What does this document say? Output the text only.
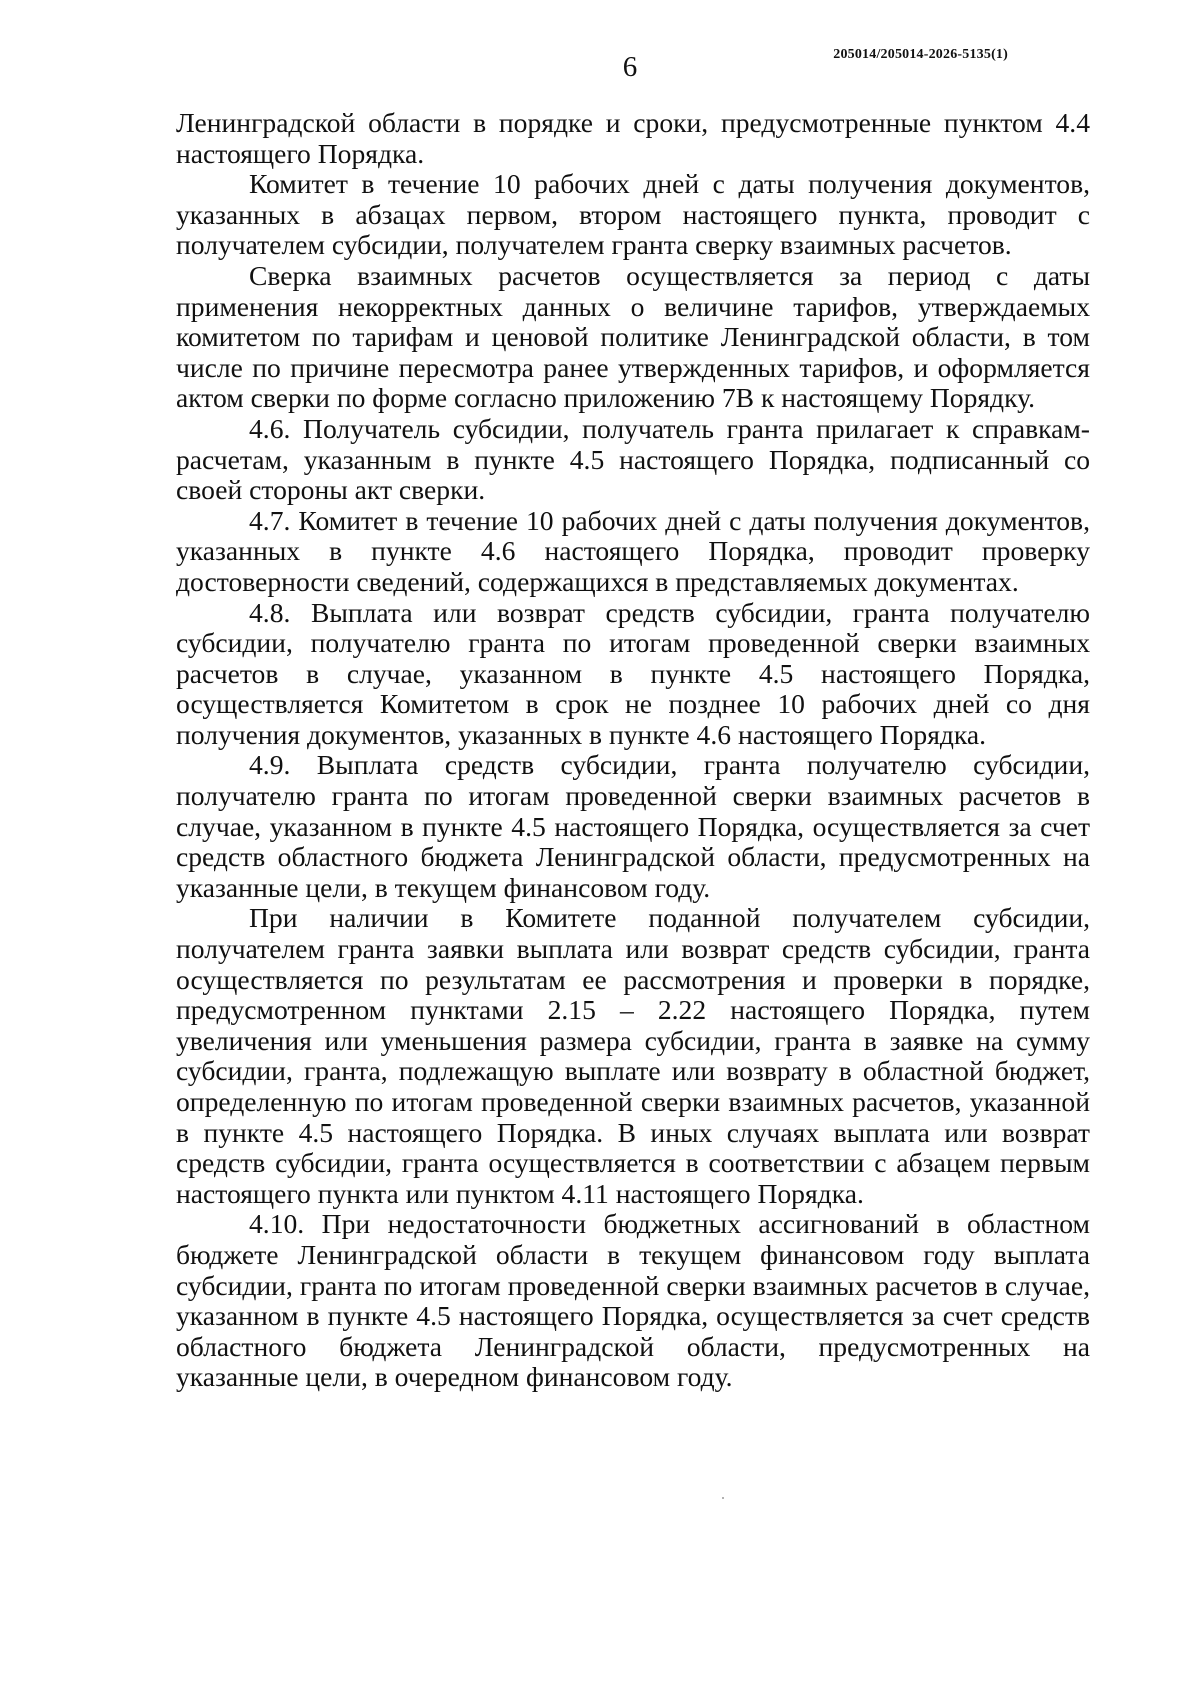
6	205014/205014-2026-5135(1)

Ленинградской области в порядке и сроки, предусмотренные пунктом 4.4 настоящего Порядка.

Комитет в течение 10 рабочих дней с даты получения документов, указанных в абзацах первом, втором настоящего пункта, проводит с получателем субсидии, получателем гранта сверку взаимных расчетов.

Сверка взаимных расчетов осуществляется за период с даты применения некорректных данных о величине тарифов, утверждаемых комитетом по тарифам и ценовой политике Ленинградской области, в том числе по причине пересмотра ранее утвержденных тарифов, и оформляется актом сверки по форме согласно приложению 7В к настоящему Порядку.

4.6. Получатель субсидии, получатель гранта прилагает к справкам-расчетам, указанным в пункте 4.5 настоящего Порядка, подписанный со своей стороны акт сверки.

4.7. Комитет в течение 10 рабочих дней с даты получения документов, указанных в пункте 4.6 настоящего Порядка, проводит проверку достоверности сведений, содержащихся в представляемых документах.

4.8. Выплата или возврат средств субсидии, гранта получателю субсидии, получателю гранта по итогам проведенной сверки взаимных расчетов в случае, указанном в пункте 4.5 настоящего Порядка, осуществляется Комитетом в срок не позднее 10 рабочих дней со дня получения документов, указанных в пункте 4.6 настоящего Порядка.

4.9. Выплата средств субсидии, гранта получателю субсидии, получателю гранта по итогам проведенной сверки взаимных расчетов в случае, указанном в пункте 4.5 настоящего Порядка, осуществляется за счет средств областного бюджета Ленинградской области, предусмотренных на указанные цели, в текущем финансовом году.

При наличии в Комитете поданной получателем субсидии, получателем гранта заявки выплата или возврат средств субсидии, гранта осуществляется по результатам ее рассмотрения и проверки в порядке, предусмотренном пунктами 2.15 – 2.22 настоящего Порядка, путем увеличения или уменьшения размера субсидии, гранта в заявке на сумму субсидии, гранта, подлежащую выплате или возврату в областной бюджет, определенную по итогам проведенной сверки взаимных расчетов, указанной в пункте 4.5 настоящего Порядка. В иных случаях выплата или возврат средств субсидии, гранта осуществляется в соответствии с абзацем первым настоящего пункта или пунктом 4.11 настоящего Порядка.

4.10. При недостаточности бюджетных ассигнований в областном бюджете Ленинградской области в текущем финансовом году выплата субсидии, гранта по итогам проведенной сверки взаимных расчетов в случае, указанном в пункте 4.5 настоящего Порядка, осуществляется за счет средств областного бюджета Ленинградской области, предусмотренных на указанные цели, в очередном финансовом году.
